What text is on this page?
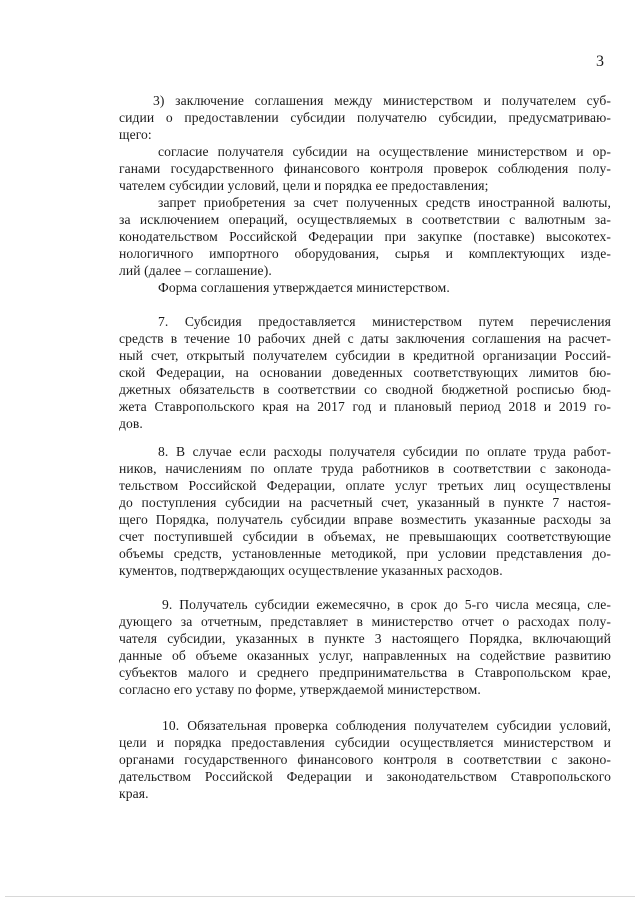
3
3) заключение соглашения между министерством и получателем суб-
сидии о предоставлении субсидии получателю субсидии, предусматриваю-
щего:
согласие получателя субсидии на осуществление министерством и ор-
ганами государственного финансового контроля проверок соблюдения полу-
чателем субсидии условий, цели и порядка ее предоставления;
запрет приобретения за счет полученных средств иностранной валюты,
за исключением операций, осуществляемых в соответствии с валютным за-
конодательством Российской Федерации при закупке (поставке) высокотех-
нологичного импортного оборудования, сырья и комплектующих изде-
лий (далее – соглашение).
Форма соглашения утверждается министерством.
7. Субсидия предоставляется министерством путем перечисления
средств в течение 10 рабочих дней с даты заключения соглашения на расчет-
ный счет, открытый получателем субсидии в кредитной организации Россий-
ской Федерации, на основании доведенных соответствующих лимитов бю-
джетных обязательств в соответствии со сводной бюджетной росписью бюд-
жета Ставропольского края на 2017 год и плановый период 2018 и 2019 го-
дов.
8. В случае если расходы получателя субсидии по оплате труда работ-
ников, начислениям по оплате труда работников в соответствии с законода-
тельством Российской Федерации, оплате услуг третьих лиц осуществлены
до поступления субсидии на расчетный счет, указанный в пункте 7 настоя-
щего Порядка, получатель субсидии вправе возместить указанные расходы за
счет поступившей субсидии в объемах, не превышающих соответствующие
объемы средств, установленные методикой, при условии представления до-
кументов, подтверждающих осуществление указанных расходов.
9. Получатель субсидии ежемесячно, в срок до 5-го числа месяца, сле-
дующего за отчетным, представляет в министерство отчет о расходах полу-
чателя субсидии, указанных в пункте 3 настоящего Порядка, включающий
данные об объеме оказанных услуг, направленных на содействие развитию
субъектов малого и среднего предпринимательства в Ставропольском крае,
согласно его уставу по форме, утверждаемой министерством.
10. Обязательная проверка соблюдения получателем субсидии условий,
цели и порядка предоставления субсидии осуществляется министерством и
органами государственного финансового контроля в соответствии с законо-
дательством Российской Федерации и законодательством Ставропольского
края.
